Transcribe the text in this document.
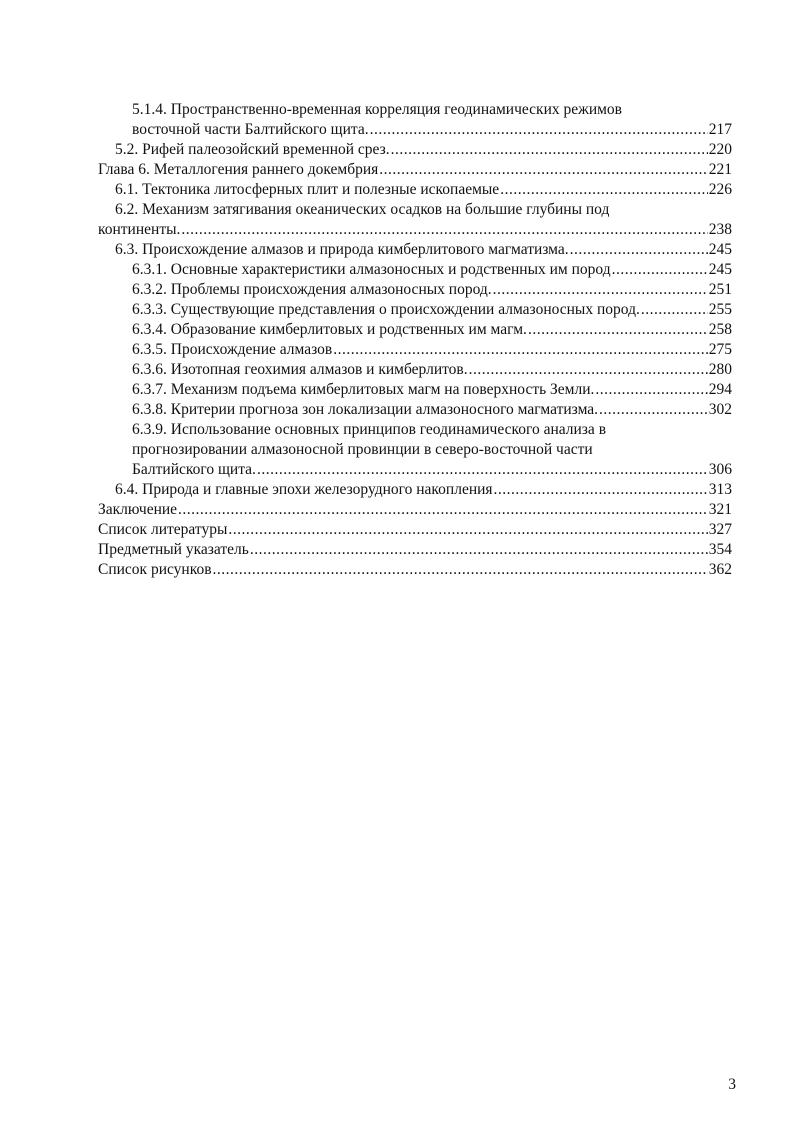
5.1.4. Пространственно-временная корреляция геодинамических режимов
восточной части Балтийского щита. .....	217
5.2. Рифей палеозойский временной срез. .....	220
Глава 6. Металлогения раннего докембрия .....	221
6.1. Тектоника литосферных плит и полезные ископаемые .....	226
6.2. Механизм затягивания океанических осадков на большие глубины под
континенты. .....	238
6.3. Происхождение алмазов и природа кимберлитового магматизма. .....	245
6.3.1. Основные характеристики алмазоносных и родственных им пород .....	245
6.3.2. Проблемы происхождения алмазоносных пород. .....	251
6.3.3. Существующие представления о происхождении алмазоносных пород. .....	255
6.3.4. Образование кимберлитовых и родственных им магм. .....	258
6.3.5. Происхождение алмазов .....	275
6.3.6. Изотопная геохимия алмазов и кимберлитов. .....	280
6.3.7. Механизм подъема кимберлитовых магм на поверхность Земли. .....	294
6.3.8. Критерии прогноза зон локализации алмазоносного магматизма. .....	302
6.3.9. Использование основных принципов геодинамического анализа в
прогнозировании алмазоносной провинции в северо-восточной части
Балтийского щита. .....	306
6.4. Природа и главные эпохи железорудного накопления .....	313
Заключение .....	321
Список литературы .....	327
Предметный указатель .....	354
Список рисунков .....	362
3
